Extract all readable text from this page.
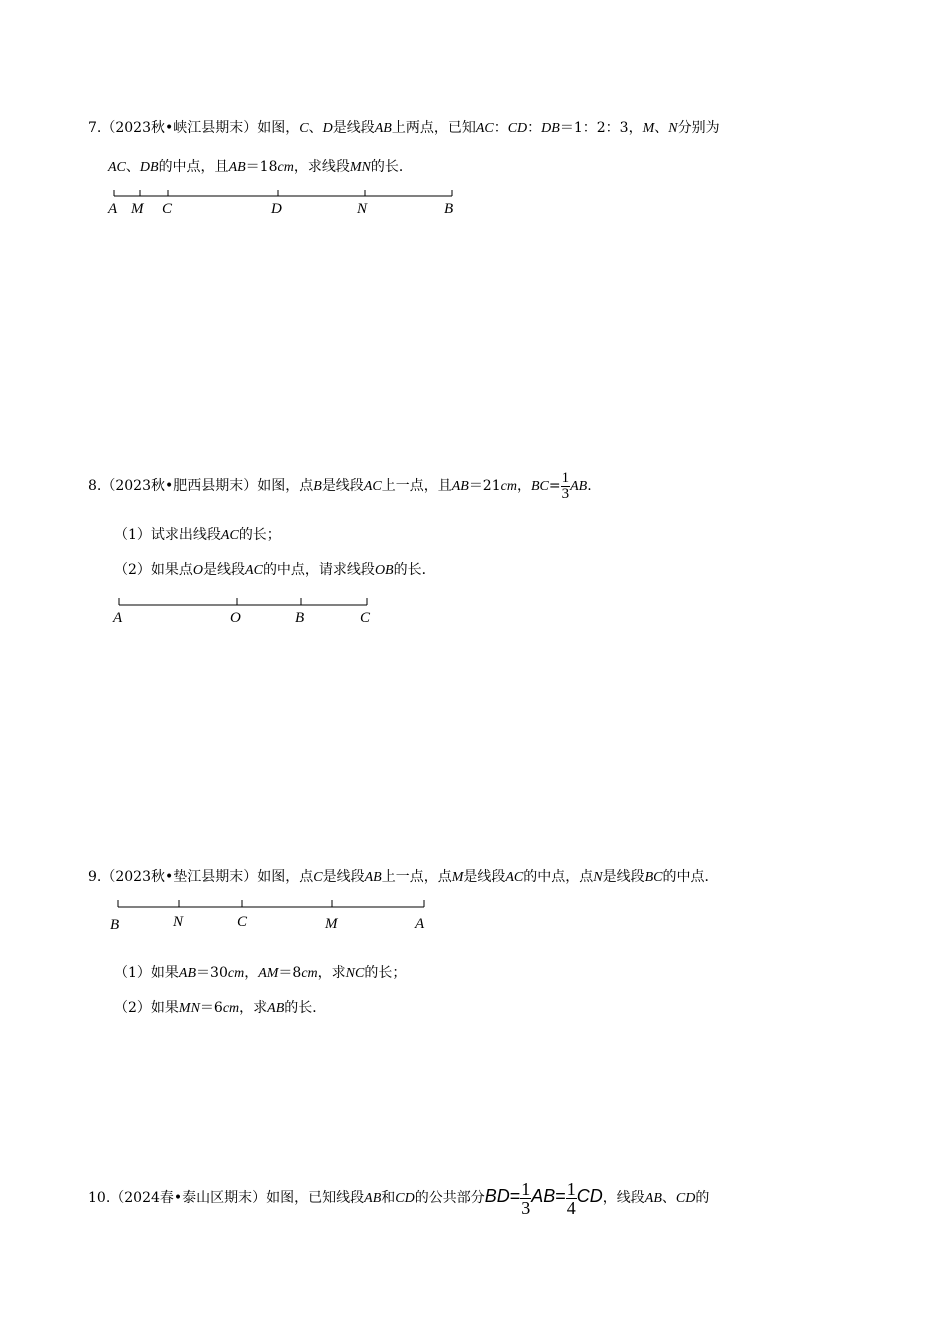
7.（2023秋•峡江县期末）如图，C、D是线段AB上两点，已知AC：CD：DB＝1：2：3，M、N分别为
AC、DB的中点，且AB＝18cm，求线段MN的长．
A M C	D	N	B
8.（2023秋•肥西县期末）如图，点B是线段AC上一点，且AB＝21cm，$BC= \frac{1}{3}$ AB.
（1）试求出线段AC的长；
（2）如果点O是线段AC的中点，请求线段OB的长．
A	O	B	C
9.（2023秋•垫江县期末）如图，点C是线段AB上一点，点M是线段AC的中点，点N是线段BC的中点．
B	N	C	M	A
（1）如果AB＝30cm，AM＝8cm，求NC的长；
（2）如果MN＝6cm，求AB的长．
10.（2024春•泰山区期末）如图，已知线段AB和CD的公共部分$BD= \frac{1}{3} AB= \frac{1}{4}$ CD，线段AB、CD的
